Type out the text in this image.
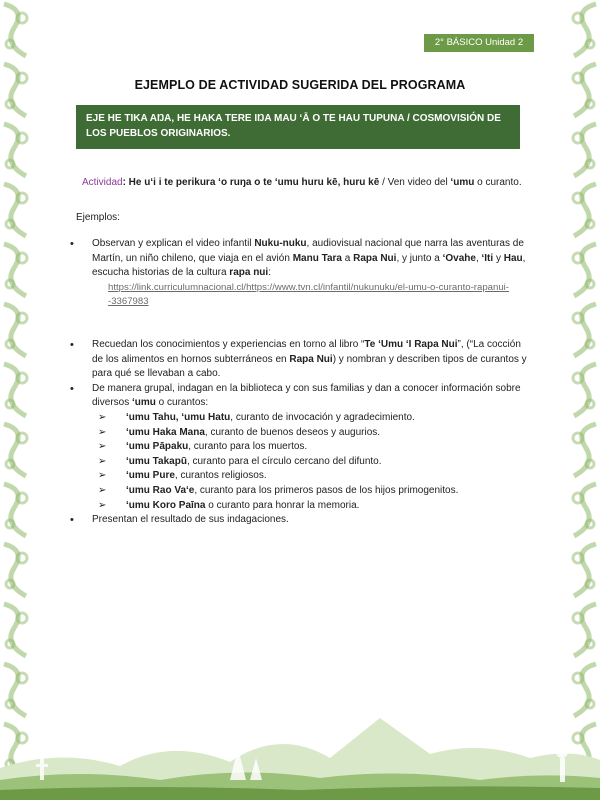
2° BÁSICO Unidad 2
EJEMPLO DE ACTIVIDAD SUGERIDA DEL PROGRAMA
EJE HE TIKA AŊA, HE HAKA TERE IŊA MAU ʻĀ O TE HAU TUPUNA / COSMOVISIÓN DE LOS PUEBLOS ORIGINARIOS.
Actividad: He uʻi i te perikura ʻo ruŋa o te ʻumu huru kē, huru kē / Ven video del ʻumu o curanto.
Ejemplos:
• Observan y explican el video infantil Nuku-nuku, audiovisual nacional que narra las aventuras de Martín, un niño chileno, que viaja en el avión Manu Tara a Rapa Nui, y junto a ʻOvahe, ʻIti y Hau, escucha historias de la cultura rapa nui:
https://link.curriculumnacional.cl/https://www.tvn.cl/infantil/nukunuku/el-umu-o-curanto-rapanui--3367983
• Recuedan los conocimientos y experiencias en torno al libro “Te ʻUmu ʻI Rapa Nui”, (“La cocción de los alimentos en hornos subterráneos en Rapa Nui) y nombran y describen tipos de curantos y para qué se llevaban a cabo.
• De manera grupal, indagan en la biblioteca y con sus familias y dan a conocer información sobre diversos ʻumu o curantos:
➢ ʻumu Tahu, ʻumu Hatu, curanto de invocación y agradecimiento.
➢ ʻumu Haka Mana, curanto de buenos deseos y augurios.
➢ ʻumu Pāpaku, curanto para los muertos.
➢ ʻumu Takapū, curanto para el círculo cercano del difunto.
➢ ʻumu Pure, curantos religiosos.
➢ ʻumu Rao Vaʻe, curanto para los primeros pasos de los hijos primogenitos.
➢ ʻumu Koro Paīna o curanto para honrar la memoria.
• Presentan el resultado de sus indagaciones.
